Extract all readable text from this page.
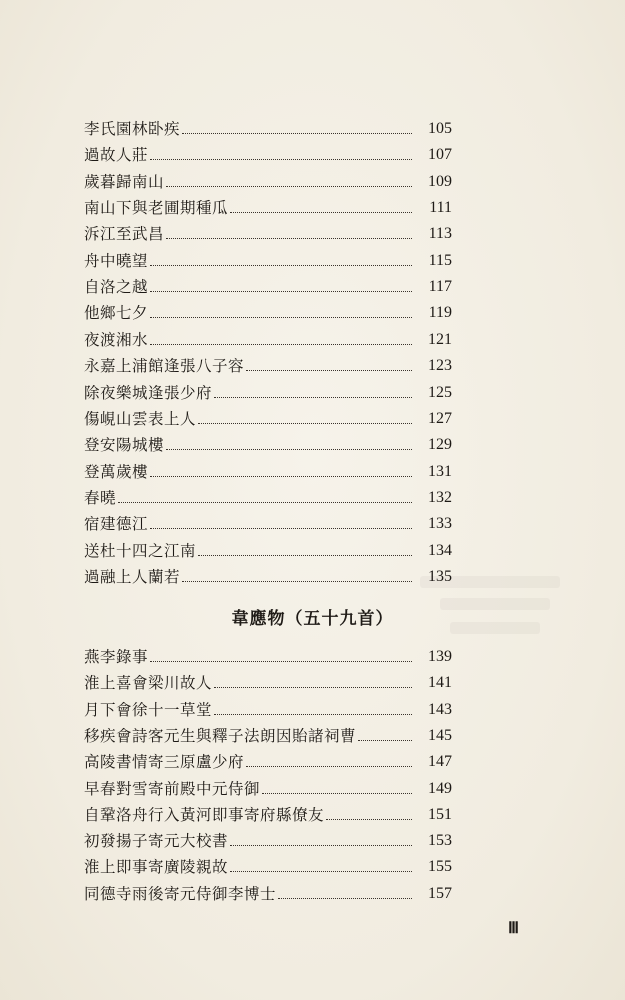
李氏園林卧疾	105
過故人莊	107
歲暮歸南山	109
南山下與老圃期種瓜	111
泝江至武昌	113
舟中曉望	115
自洛之越	117
他鄉七夕	119
夜渡湘水	121
永嘉上浦館逢張八子容	123
除夜樂城逢張少府	125
傷峴山雲表上人	127
登安陽城樓	129
登萬歲樓	131
春曉	132
宿建德江	133
送杜十四之江南	134
過融上人蘭若	135
韋應物（五十九首）
燕李錄事	139
淮上喜會梁川故人	141
月下會徐十一草堂	143
移疾會詩客元生與釋子法朗因貽諸祠曹	145
高陵書情寄三原盧少府	147
早春對雪寄前殿中元侍御	149
自鞏洛舟行入黃河即事寄府縣僚友	151
初發揚子寄元大校書	153
淮上即事寄廣陵親故	155
同德寺雨後寄元侍御李博士	157
Ⅲ
